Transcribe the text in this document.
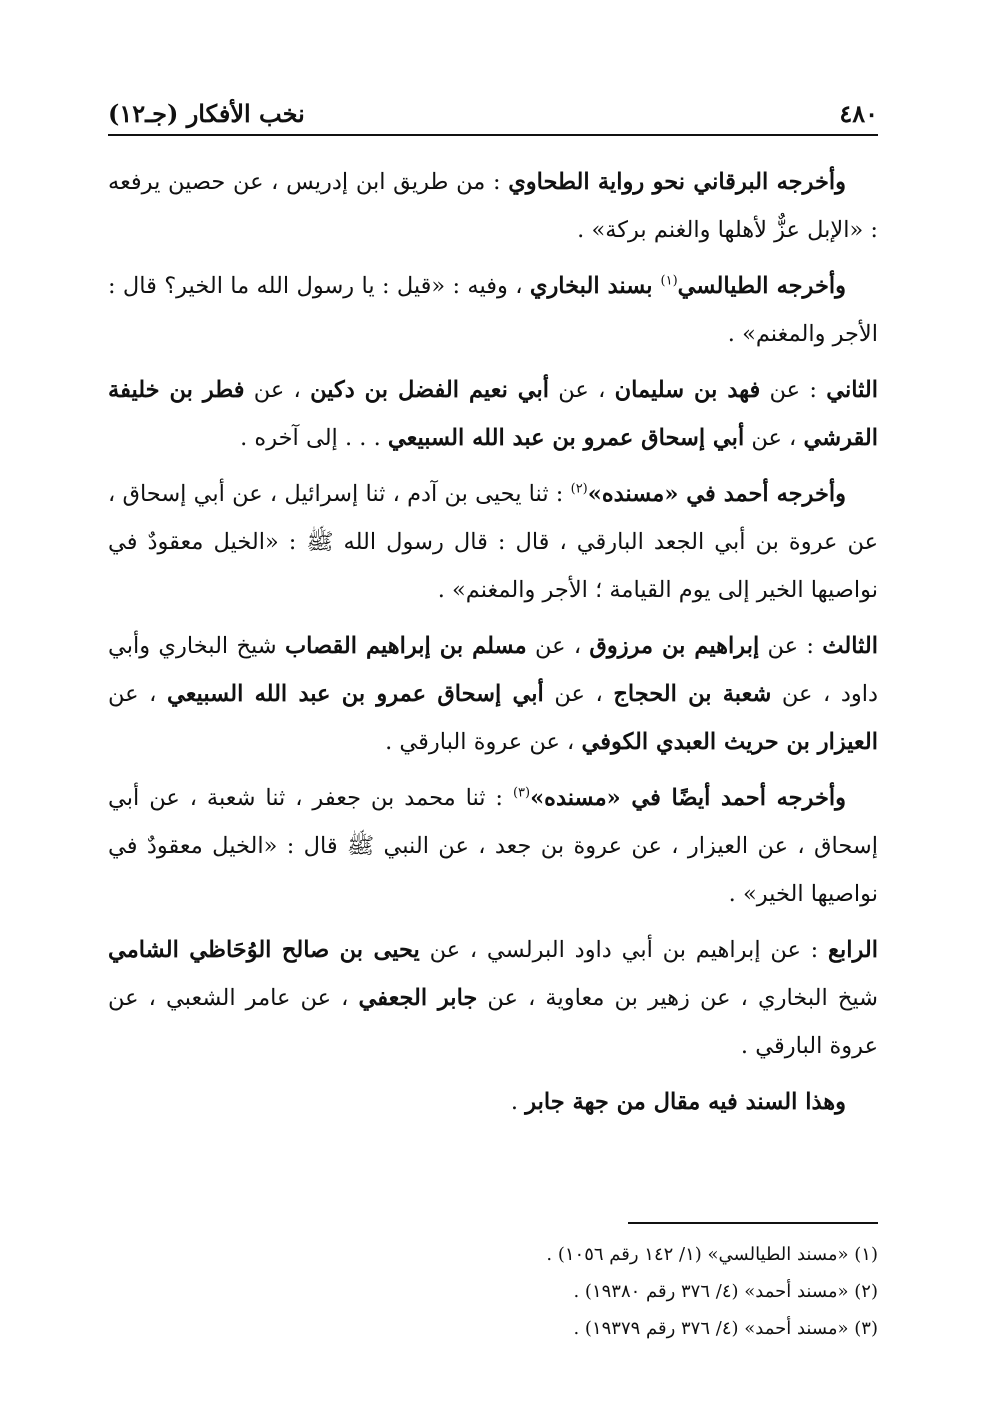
٤٨٠
نخب الأفكار (جـ١٢)

وأخرجه البرقاني نحو رواية الطحاوي : من طريق ابن إدريس ، عن حصين يرفعه : «الإبل عزٌّ لأهلها والغنم بركة» .

وأخرجه الطيالسي$^{(١)}$ بسند البخاري ، وفيه : «قيل : يا رسول الله ما الخير؟ قال : الأجر والمغنم» .

الثاني : عن فهد بن سليمان ، عن أبي نعيم الفضل بن دكين ، عن فطر بن خليفة القرشي ، عن أبي إسحاق عمرو بن عبد الله السبيعي . . . إلى آخره .

وأخرجه أحمد في «مسنده»$^{(٢)}$ : ثنا يحيى بن آدم ، ثنا إسرائيل ، عن أبي إسحاق ، عن عروة بن أبي الجعد البارقي ، قال : قال رسول الله ﷺ : «الخيل معقودٌ في نواصيها الخير إلى يوم القيامة ؛ الأجر والمغنم» .

الثالث : عن إبراهيم بن مرزوق ، عن مسلم بن إبراهيم القصاب شيخ البخاري وأبي داود ، عن شعبة بن الحجاج ، عن أبي إسحاق عمرو بن عبد الله السبيعي ، عن العيزار بن حريث العبدي الكوفي ، عن عروة البارقي .

وأخرجه أحمد أيضًا في «مسنده»$^{(٣)}$ : ثنا محمد بن جعفر ، ثنا شعبة ، عن أبي إسحاق ، عن العيزار ، عن عروة بن جعد ، عن النبي ﷺ قال : «الخيل معقودٌ في نواصيها الخير» .

الرابع : عن إبراهيم بن أبي داود البرلسي ، عن يحيى بن صالح الوُحَاظي الشامي شيخ البخاري ، عن زهير بن معاوية ، عن جابر الجعفي ، عن عامر الشعبي ، عن عروة البارقي .

وهذا السند فيه مقال من جهة جابر .

(١) «مسند الطيالسي» (١/ ١٤٢ رقم ١٠٥٦) .

(٢) «مسند أحمد» (٤/ ٣٧٦ رقم ١٩٣٨٠) .

(٣) «مسند أحمد» (٤/ ٣٧٦ رقم ١٩٣٧٩) .
